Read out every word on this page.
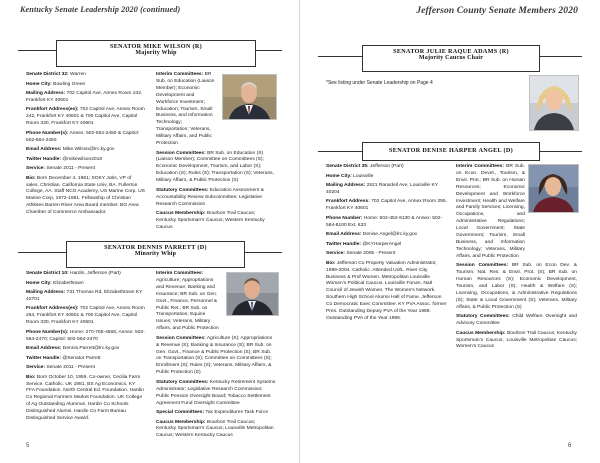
Kentucky Senate Leadership 2020 (continued)
SENATOR MIKE WILSON (R)
Majority Whip

Senate District 32: Warren

Home City: Bowling Green

Mailing Address: 702 Capitol Ave, Annex Room 242, Frankfort KY 40601

Frankfort Address(es): 702 Capitol Ave, Annex Room 242, Frankfort KY 40601 & 700 Capitol Ave, Capitol Room 330, Frankfort KY 40601

Phone Number(s): Annex: 502-564-2450 & Capitol: 502-564-2450

Email Address: Mike.Wilson@lrc.ky.gov

Twitter Handle: @mikewilson2018

Service: Senate 2011 - Present

Bio: Born December 4, 1961; SOKY Jobs, VP of sales. Christian. California State Univ, BA. Fullerton College, AA. Staff NCO Academy, US Marine Corp. US Marine Corp, 1972-1981. Fellowship of Christian Athletes Barren River Area Board member. BG Area Chamber of Commerce Ambassador.

Interim Committees: BR Sub. on Education (Liaison Member); Economic Development and Workforce Investment; Education; Tourism, Small Business, and Information Technology; Transportation; Veterans, Military Affairs, and Public Protection

Session Committees: BR Sub. on Education (S) (Liaison Member); Committee on Committees (S); Economic Development, Tourism, and Labor (S); Education (S); Rules (S); Transportation (S); Veterans, Military Affairs, & Public Protection (S)

Statutory Committees: Education Assessment & Accountability Review Subcommittee; Legislative Research Commission

Caucus Membership: Bourbon Trail Caucus; Kentucky Sportsman's Caucus; Western Kentucky Caucus

SENATOR DENNIS PARRETT (D)
Minority Whip

Senate District 10: Hardin, Jefferson (Part)

Home City: Elizabethtown

Mailing Address: 731 Thomas Rd, Elizabethtown KY 42701

Frankfort Address(es): 702 Capitol Ave, Annex Room 254, Frankfort KY 40601 & 700 Capitol Ave, Capitol Room 330, Frankfort KY 40601

Phone Number(s): Home: 270-765-4565; Annex: 502-564-2470; Capitol: 502-564-2470

Email Address: Dennis.Parrett@lrc.ky.gov

Twitter Handle: @Senator Parrett

Service: Senate 2011 - Present

Bio: Born October 10, 1959. Co-owner, Cecilia Farm Service. Catholic. UK 1981, BS Ag Economics. KY FFA Foundation. North Central Ed. Foundation. Hardin Co Regional Farmers Market Foundation. UK College of Ag Outstanding Alumnus. Hardin Co Schools Distinguished Alumni. Hardin Co Farm Bureau Distinguished Service Award.

Interim Committees: Agriculture; Appropriations and Revenue; Banking and Insurance; BR Sub. on Gen. Govt., Finance, Personnel & Public Ret.; BR Sub. on Transportation; Equine Issues; Veterans, Military Affairs, and Public Protection

Session Committees: Agriculture (S); Appropriations & Revenue (S); Banking & Insurance (S); BR Sub. on Gen. Govt., Finance & Public Protection (S); BR Sub. on Transportation (S); Committee on Committees (S); Enrollment (S); Rules (S); Veterans, Military Affairs, & Public Protection (S)

Statutory Committees: Kentucky Retirement Systems Administrator; Legislative Research Commission; Public Pension Oversight Board; Tobacco Settlement Agreement Fund Oversight Committee

Special Committees: Tax Expenditures Task Force

Caucus Membership: Bourbon Trail Caucus; Kentucky Sportsman's Caucus; Louisville Metropolitan Caucus; Western Kentucky Caucus

5
Jefferson County Senate Members 2020
SENATOR JULIE RAQUE ADAMS (R)
Majority Caucus Chair
*See listing under Senate Leadership on Page 4
SENATOR DENISE HARPER ANGEL (D)

Senate District 35: Jefferson (Part)

Home City: Louisville

Mailing Address: 2521 Ransdell Ave, Louisville KY 40204

Frankfort Address: 702 Capitol Ave, Annex Room 255, Frankfort KY 40601

Phone Number: Home: 502-452-9130 & Annex: 502-564-8100 Ext. 633

Email Address: Denise.Angel@lrc.ky.gov

Twitter Handle: @KYHarperAngel

Service: Senate 2005 - Present

Bio: Jefferson Co Property Valuation Administrator, 1999-2004. Catholic. Attended UofL. River City Business & Prof Women. Metropolitan Louisville Women's Political Caucus. Louisville Forum. Natl Council of Jewish Women. The Women's Network. Southern High School Alumni Hall of Fame. Jefferson Co Democratic Exec Committee. KY PVA Assoc. former Pres. Outstanding Deputy PVA of the Year 1989. Outstanding PVA of the Year 1996.

Interim Committees: BR Sub. on Econ. Devel., Tourism, & Envir. Prot.; BR Sub. on Human Resources; Economic Development and Workforce Investment; Health and Welfare and Family Services; Licensing, Occupations, and Administrative Regulations; Local Government; State Government; Tourism, Small Business, and Information Technology; Veterans, Military Affairs, and Public Protection

Session Committees: BR Sub. on Econ Dev. & Tourism, Nat. Res. & Envir. Prot. (S); BR Sub. on Human Resources (S); Economic Development, Tourism, and Labor (S); Health & Welfare (S); Licensing, Occupations, & Administrative Regulations (S); State & Local Government (S); Veterans, Military Affairs, & Public Protection (S)

Statutory Committees: Child Welfare Oversight and Advisory Committee

Caucus Membership: Bourbon Trail Caucus; Kentucky Sportsman's Caucus; Louisville Metropolitan Caucus; Women's Caucus

6
